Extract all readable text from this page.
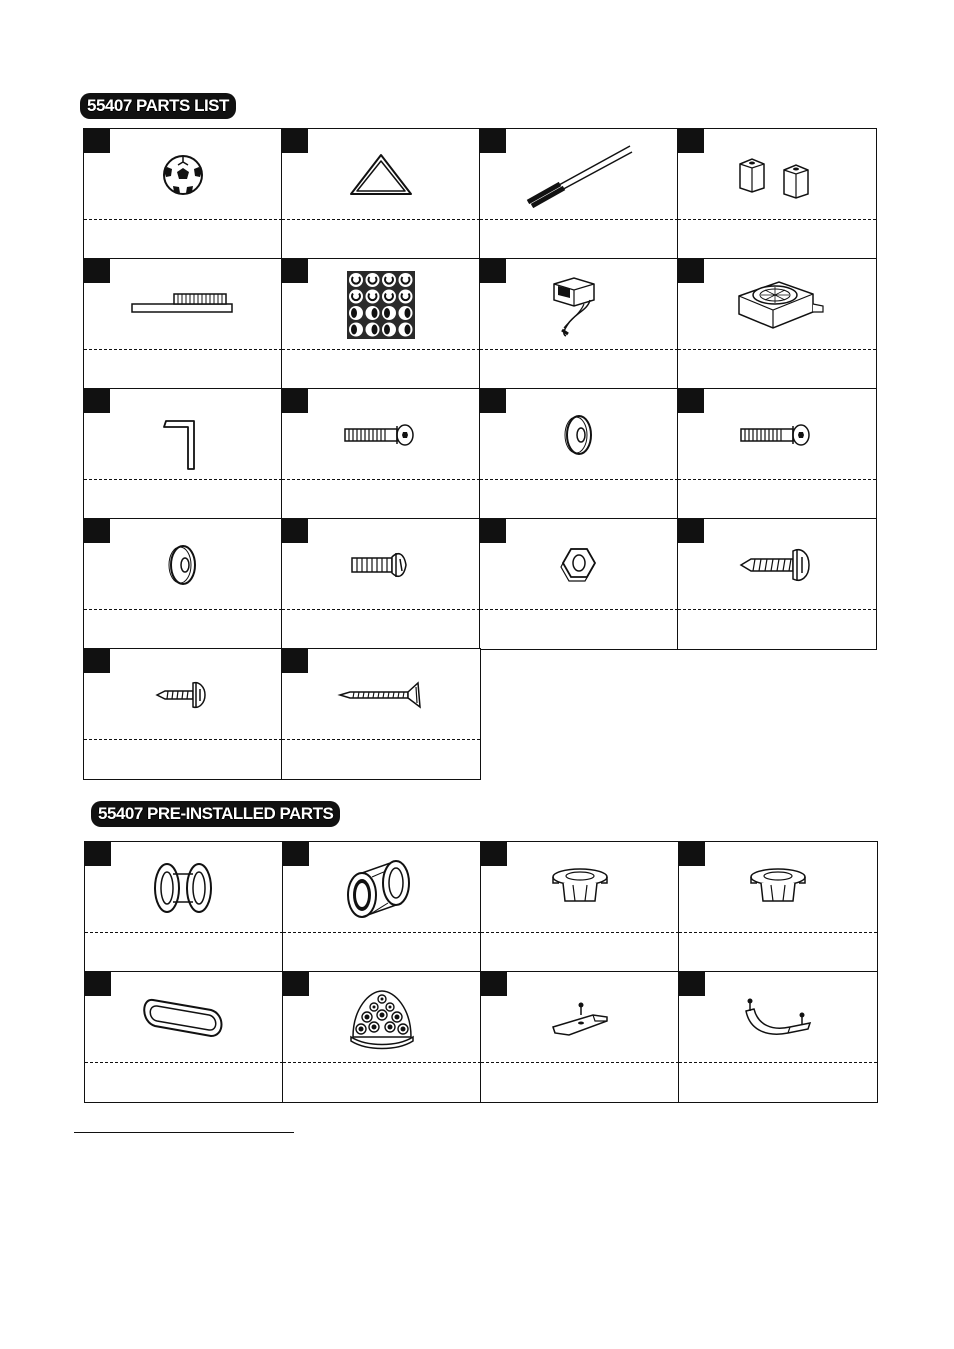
55407 PARTS LIST
55407 PRE-INSTALLED PARTS
